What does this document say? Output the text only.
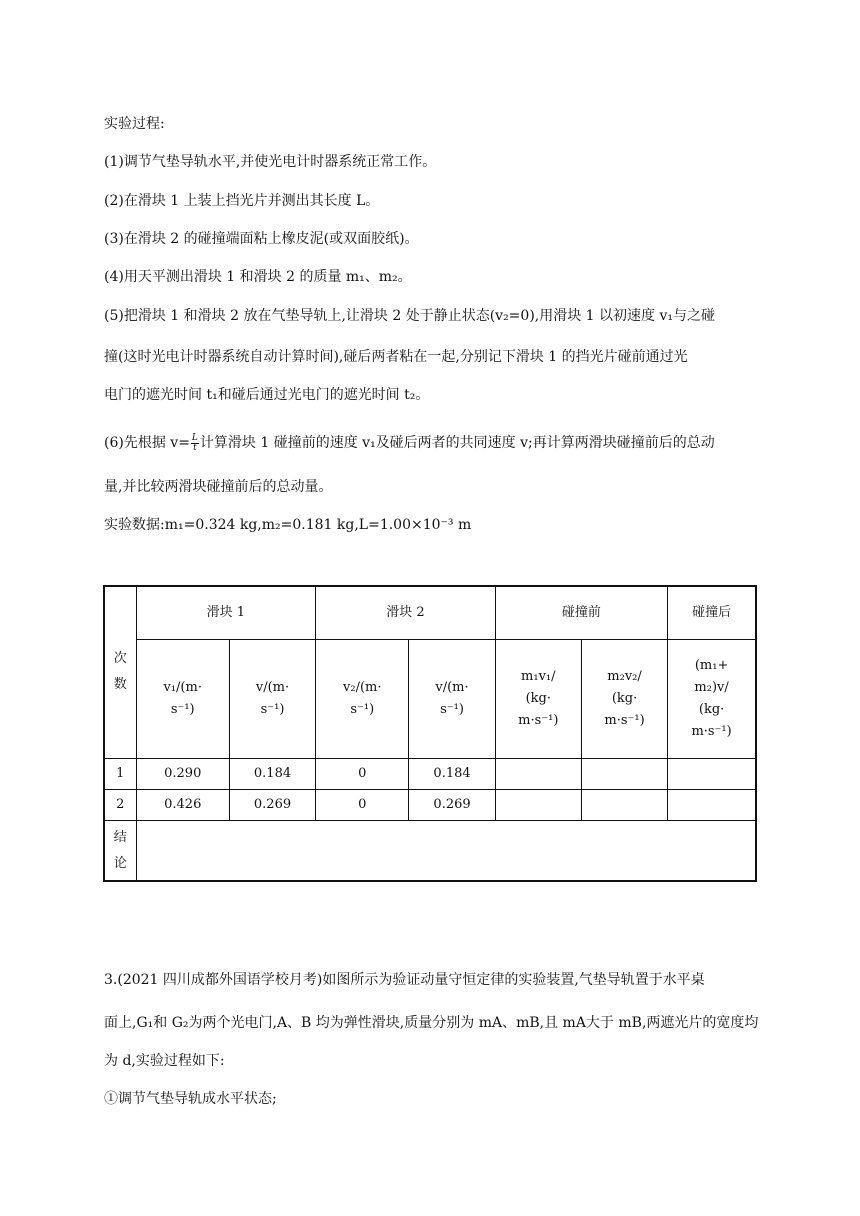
实验过程:
(1)调节气垫导轨水平,并使光电计时器系统正常工作。
(2)在滑块 1 上装上挡光片并测出其长度 L。
(3)在滑块 2 的碰撞端面粘上橡皮泥(或双面胶纸)。
(4)用天平测出滑块 1 和滑块 2 的质量 m₁、m₂。
(5)把滑块 1 和滑块 2 放在气垫导轨上,让滑块 2 处于静止状态(v₂=0),用滑块 1 以初速度 v₁与之碰
撞(这时光电计时器系统自动计算时间),碰后两者粘在一起,分别记下滑块 1 的挡光片碰前通过光
电门的遮光时间 t₁和碰后通过光电门的遮光时间 t₂。
(6)先根据 $v= \frac{L}{t}$ 计算滑块 1 碰撞前的速度 v₁及碰后两者的共同速度 v;再计算两滑块碰撞前后的总动
量,并比较两滑块碰撞前后的总动量。
实验数据:m₁=0.324 kg,m₂=0.181 kg,L=1.00×10⁻³ m
次数	滑块 1		滑块 2		碰撞前		碰撞后

	v₁/(m·
s⁻¹)	v/(m·
s⁻¹)	v₂/(m·
s⁻¹)	v/(m·
s⁻¹)	m₁v₁/
(kg·
m·s⁻¹)	m₂v₂/
(kg·
m·s⁻¹)	(m₁+
m₂)v/
(kg·
m·s⁻¹)

1	0.290	0.184	0	0.184			
2	0.426	0.269	0	0.269			

结论							

3.(2021 四川成都外国语学校月考)如图所示为验证动量守恒定律的实验装置,气垫导轨置于水平桌
面上,G₁和 G₂为两个光电门,A、B 均为弹性滑块,质量分别为 mA、mB,且 mA大于 mB,两遮光片的宽度均
为 d,实验过程如下:
①调节气垫导轨成水平状态;
